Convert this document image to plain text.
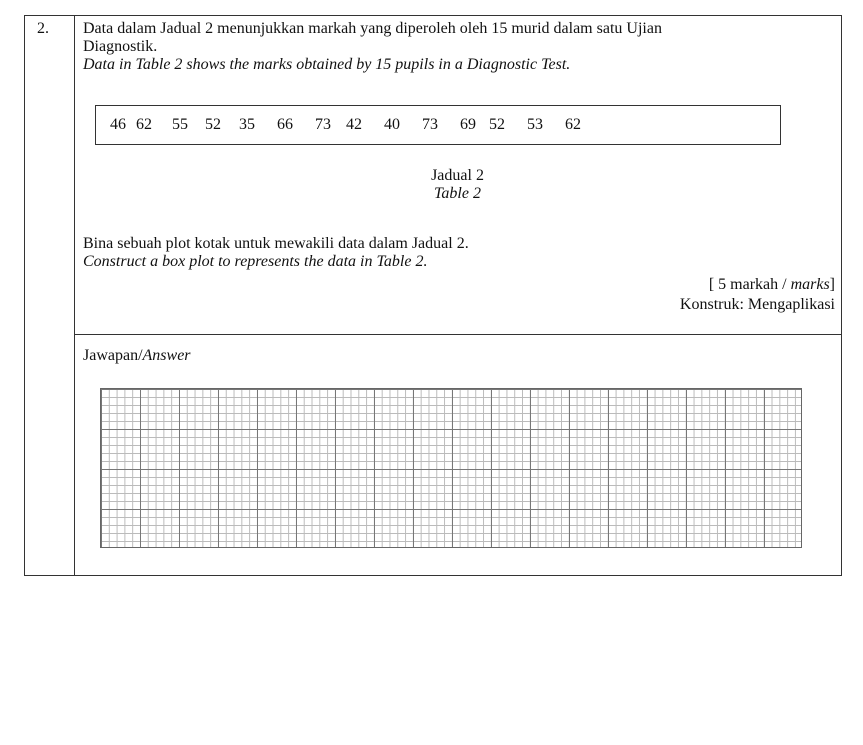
2. Data dalam Jadual 2 menunjukkan markah yang diperoleh oleh 15 murid dalam satu Ujian
Diagnostik.
Data in Table 2 shows the marks obtained by 15 pupils in a Diagnostic Test.
46 62 55 52 35 66 73 42 40 73 69 52 53 62
Jadual 2
Table 2
Bina sebuah plot kotak untuk mewakili data dalam Jadual 2.
Construct a box plot to represents the data in Table 2.
[ 5 markah / marks]
Konstruk: Mengaplikasi
Jawapan/Answer
